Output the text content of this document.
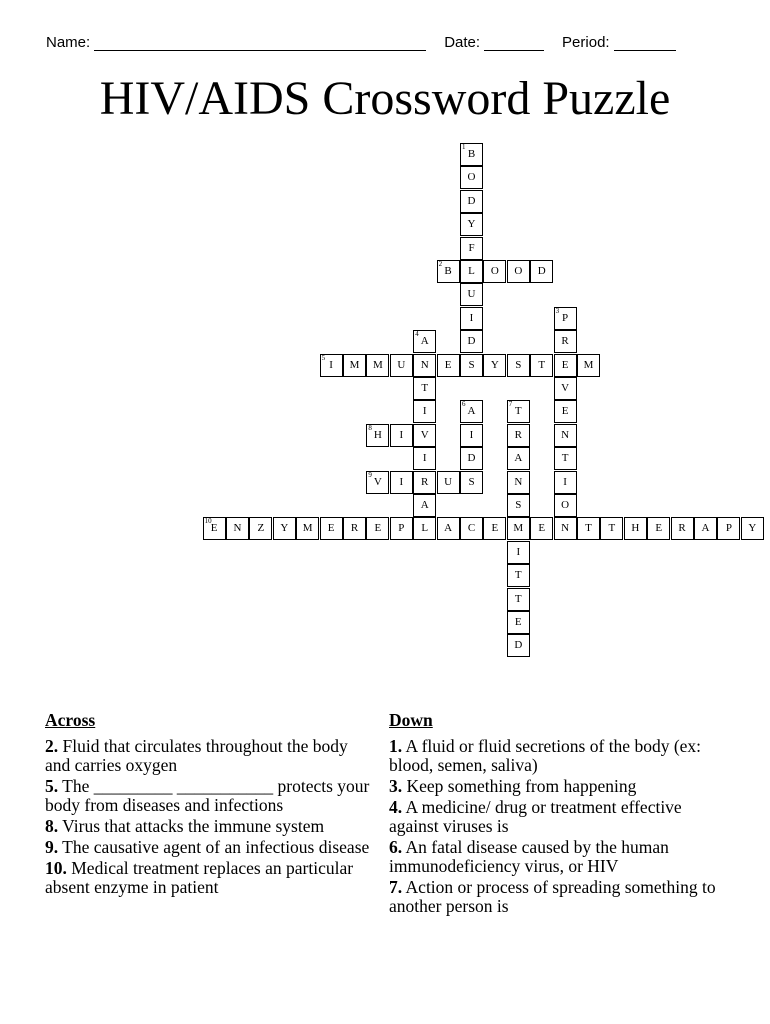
Name:	Date:	Period:
HIV/AIDS Crossword Puzzle
1
B
O
D
Y
F
L
U
I
D
2
B	O	O	D
3
P
R
E
V
E
N
T
I
O
N
4
A
N
T
I
V
I
R
A
L
5
I	M	M	U	E	S	Y	S	T	M
6
A
I
D
S
7
T
R
A
N
S
M
I
T
T
E
D
8
H	I
9
V	I	U
10
E	N	Z	Y	M	E	R	E	P	A	C	E	E	T	T	H	E	R	A	P	Y
Across
2. Fluid that circulates throughout the body and carries oxygen
5. The _________ ___________ protects your body from diseases and infections
8. Virus that attacks the immune system
9. The causative agent of an infectious disease
10. Medical treatment replaces an particular absent enzyme in patient
Down
1. A fluid or fluid secretions of the body (ex: blood, semen, saliva)
3. Keep something from happening
4. A medicine/ drug or treatment effective against viruses is
6. An fatal disease caused by the human immunodeficiency virus, or HIV
7. Action or process of spreading something to another person is
